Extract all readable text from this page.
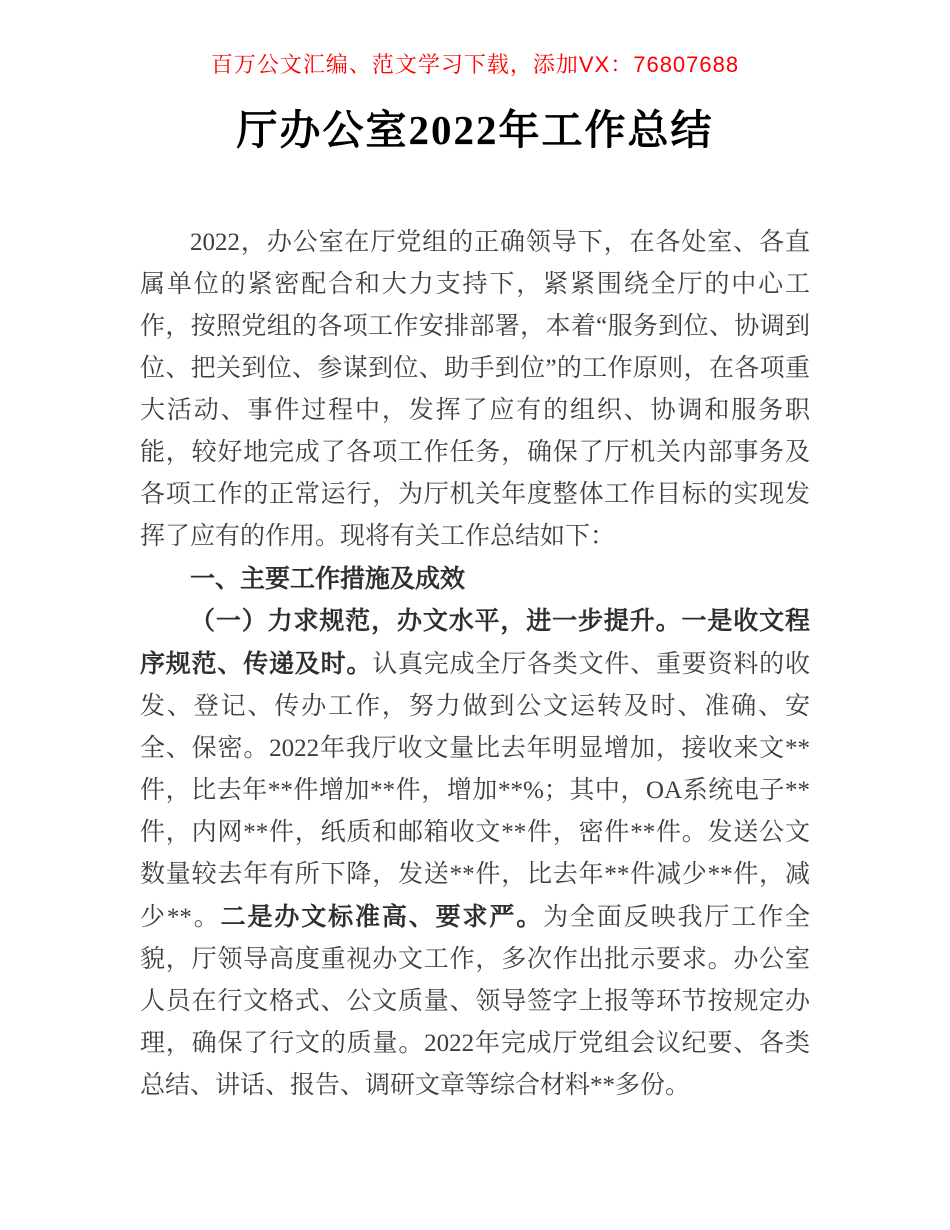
百万公文汇编、范文学习下载，添加VX：76807688
厅办公室2022年工作总结

2022，办公室在厅党组的正确领导下，在各处室、各直属单位的紧密配合和大力支持下，紧紧围绕全厅的中心工作，按照党组的各项工作安排部署，本着“服务到位、协调到位、把关到位、参谋到位、助手到位”的工作原则，在各项重大活动、事件过程中，发挥了应有的组织、协调和服务职能，较好地完成了各项工作任务，确保了厅机关内部事务及各项工作的正常运行，为厅机关年度整体工作目标的实现发挥了应有的作用。现将有关工作总结如下：

一、主要工作措施及成效

（一）力求规范，办文水平，进一步提升。一是收文程序规范、传递及时。认真完成全厅各类文件、重要资料的收发、登记、传办工作，努力做到公文运转及时、准确、安全、保密。2022年我厅收文量比去年明显增加，接收来文**件，比去年**件增加**件，增加**%；其中，OA系统电子**件，内网**件，纸质和邮箱收文**件，密件**件。发送公文数量较去年有所下降，发送**件，比去年**件减少**件，减少**。二是办文标准高、要求严。为全面反映我厅工作全貌，厅领导高度重视办文工作，多次作出批示要求。办公室人员在行文格式、公文质量、领导签字上报等环节按规定办理，确保了行文的质量。2022年完成厅党组会议纪要、各类总结、讲话、报告、调研文章等综合材料**多份。
